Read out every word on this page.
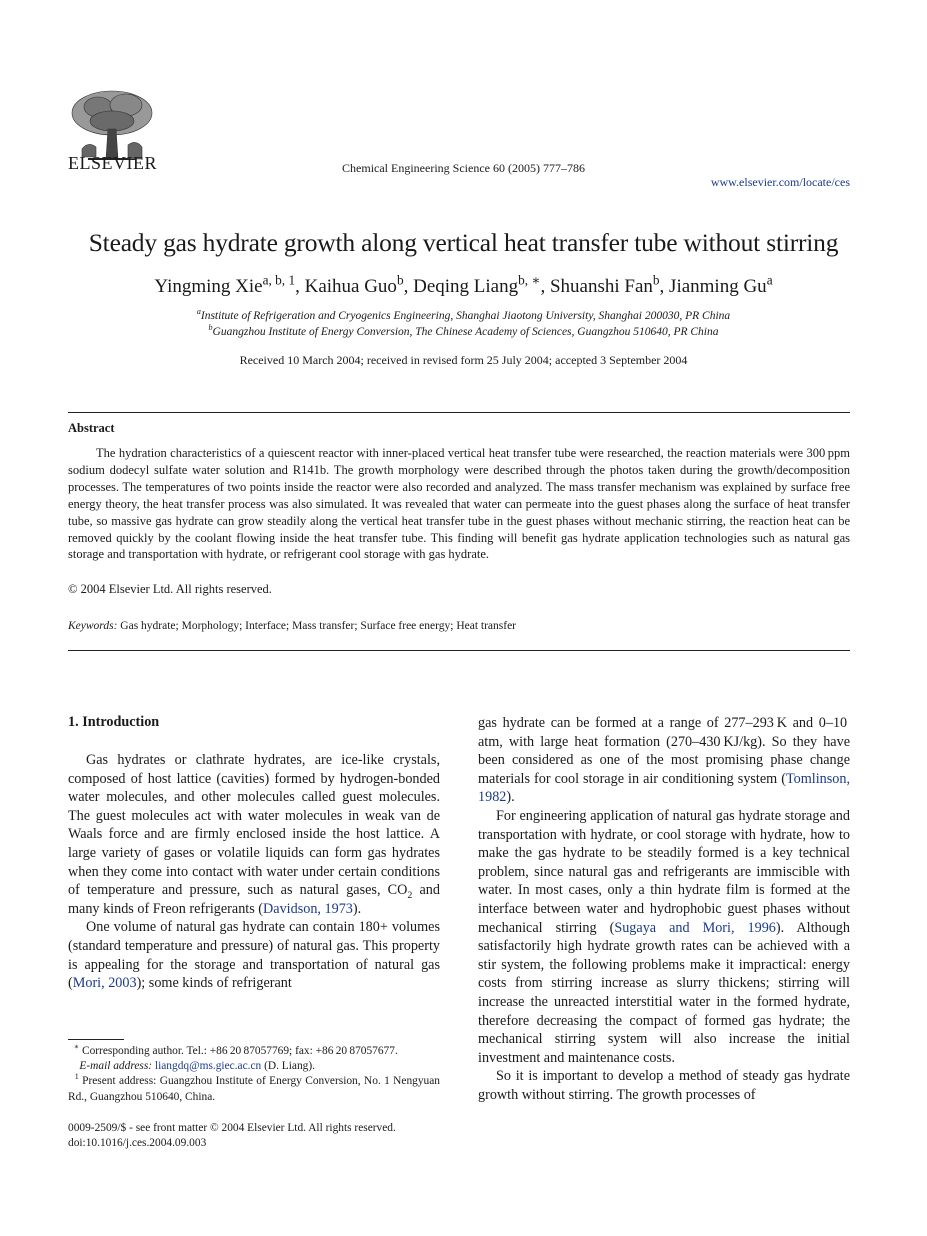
ELSEVIER	Chemical Engineering Science 60 (2005) 777–786
www.elsevier.com/locate/ces
Steady gas hydrate growth along vertical heat transfer tube without stirring
Yingming Xie$^{a, b, 1}$, Kaihua Guo$^b$, Deqing Liang$^{b, ∗}$, Shuanshi Fan$^b$, Jianming Gu$^a$
$^a$Institute of Refrigeration and Cryogenics Engineering, Shanghai Jiaotong University, Shanghai 200030, PR China
$^b$Guangzhou Institute of Energy Conversion, The Chinese Academy of Sciences, Guangzhou 510640, PR China
Received 10 March 2004; received in revised form 25 July 2004; accepted 3 September 2004
Abstract

The hydration characteristics of a quiescent reactor with inner-placed vertical heat transfer tube were researched, the reaction materials were 300 ppm sodium dodecyl sulfate water solution and R141b. The growth morphology were described through the photos taken during the growth/decomposition processes. The temperatures of two points inside the reactor were also recorded and analyzed. The mass transfer mechanism was explained by surface free energy theory, the heat transfer process was also simulated. It was revealed that water can permeate into the guest phases along the surface of heat transfer tube, so massive gas hydrate can grow steadily along the vertical heat transfer tube in the guest phases without mechanic stirring, the reaction heat can be removed quickly by the coolant flowing inside the heat transfer tube. This finding will benefit gas hydrate application technologies such as natural gas storage and transportation with hydrate, or refrigerant cool storage with gas hydrate.

© 2004 Elsevier Ltd. All rights reserved.
Keywords: Gas hydrate; Morphology; Interface; Mass transfer; Surface free energy; Heat transfer
1. Introduction

Gas hydrates or clathrate hydrates, are ice-like crystals, composed of host lattice (cavities) formed by hydrogen-bonded water molecules, and other molecules called guest molecules. The guest molecules act with water molecules in weak van de Waals force and are firmly enclosed inside the host lattice. A large variety of gases or volatile liquids can form gas hydrates when they come into contact with water under certain conditions of temperature and pressure, such as natural gases, $CO_2$ and many kinds of Freon refrigerants (Davidson, 1973).

One volume of natural gas hydrate can contain 180+ volumes (standard temperature and pressure) of natural gas. This property is appealing for the storage and transportation of natural gas (Mori, 2003); some kinds of refrigerant

gas hydrate can be formed at a range of 277–293 K and 0–10 atm, with large heat formation (270–430 KJ/kg). So they have been considered as one of the most promising phase change materials for cool storage in air conditioning system (Tomlinson, 1982).

For engineering application of natural gas hydrate storage and transportation with hydrate, or cool storage with hydrate, how to make the gas hydrate to be steadily formed is a key technical problem, since natural gas and refrigerants are immiscible with water. In most cases, only a thin hydrate film is formed at the interface between water and hydrophobic guest phases without mechanical stirring (Sugaya and Mori, 1996). Although satisfactorily high hydrate growth rates can be achieved with a stir system, the following problems make it impractical: energy costs from stirring increase as slurry thickens; stirring will increase the unreacted interstitial water in the formed hydrate, therefore decreasing the compact of formed gas hydrate; the mechanical stirring system will also increase the initial investment and maintenance costs.

So it is important to develop a method of steady gas hydrate growth without stirring. The growth processes of

∗ Corresponding author. Tel.: +86 20 87057769; fax: +86 20 87057677.
E-mail address: liangdq@ms.giec.ac.cn (D. Liang).
$^1$ Present address: Guangzhou Institute of Energy Conversion, No. 1 Nengyuan Rd., Guangzhou 510640, China.
0009-2509/$ - see front matter © 2004 Elsevier Ltd. All rights reserved.
doi:10.1016/j.ces.2004.09.003
